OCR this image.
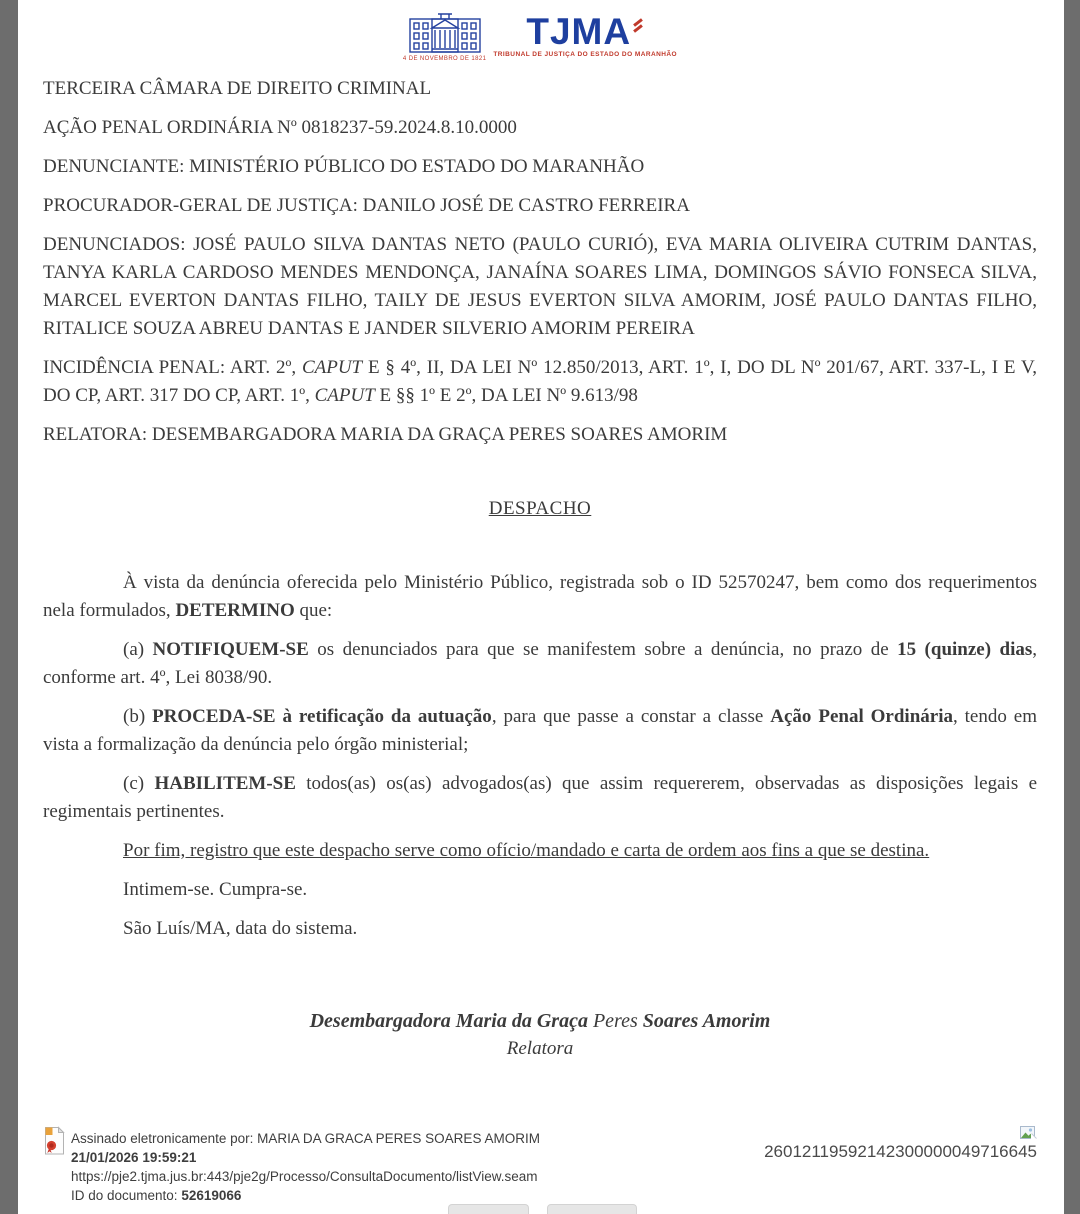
4 DE NOVEMBRO DE 1821
TJMA
TRIBUNAL DE JUSTIÇA DO ESTADO DO MARANHÃO

TERCEIRA CÂMARA DE DIREITO CRIMINAL

AÇÃO PENAL ORDINÁRIA Nº 0818237-59.2024.8.10.0000

DENUNCIANTE: MINISTÉRIO PÚBLICO DO ESTADO DO MARANHÃO

PROCURADOR-GERAL DE JUSTIÇA: DANILO JOSÉ DE CASTRO FERREIRA

DENUNCIADOS: JOSÉ PAULO SILVA DANTAS NETO (PAULO CURIÓ), EVA MARIA OLIVEIRA CUTRIM DANTAS, TANYA KARLA CARDOSO MENDES MENDONÇA, JANAÍNA SOARES LIMA, DOMINGOS SÁVIO FONSECA SILVA, MARCEL EVERTON DANTAS FILHO, TAILY DE JESUS EVERTON SILVA AMORIM, JOSÉ PAULO DANTAS FILHO, RITALICE SOUZA ABREU DANTAS E JANDER SILVERIO AMORIM PEREIRA

INCIDÊNCIA PENAL: ART. 2º, CAPUT E § 4º, II, DA LEI Nº 12.850/2013, ART. 1º, I, DO DL Nº 201/67, ART. 337-L, I E V, DO CP, ART. 317 DO CP, ART. 1º, CAPUT E §§ 1º E 2º, DA LEI Nº 9.613/98

RELATORA: DESEMBARGADORA MARIA DA GRAÇA PERES SOARES AMORIM

DESPACHO

À vista da denúncia oferecida pelo Ministério Público, registrada sob o ID 52570247, bem como dos requerimentos nela formulados, DETERMINO que:

(a) NOTIFIQUEM-SE os denunciados para que se manifestem sobre a denúncia, no prazo de 15 (quinze) dias, conforme art. 4º, Lei 8038/90.

(b) PROCEDA-SE à retificação da autuação, para que passe a constar a classe Ação Penal Ordinária, tendo em vista a formalização da denúncia pelo órgão ministerial;

(c) HABILITEM-SE todos(as) os(as) advogados(as) que assim requererem, observadas as disposições legais e regimentais pertinentes.

Por fim, registro que este despacho serve como ofício/mandado e carta de ordem aos fins a que se destina.

Intimem-se. Cumpra-se.

São Luís/MA, data do sistema.

Desembargadora Maria da Graça Peres Soares Amorim

Relatora

Assinado eletronicamente por: MARIA DA GRACA PERES SOARES AMORIM
21/01/2026 19:59:21
https://pje2.tjma.jus.br:443/pje2g/Processo/ConsultaDocumento/listView.seam
ID do documento: 52619066
26012119592142300000049716645
